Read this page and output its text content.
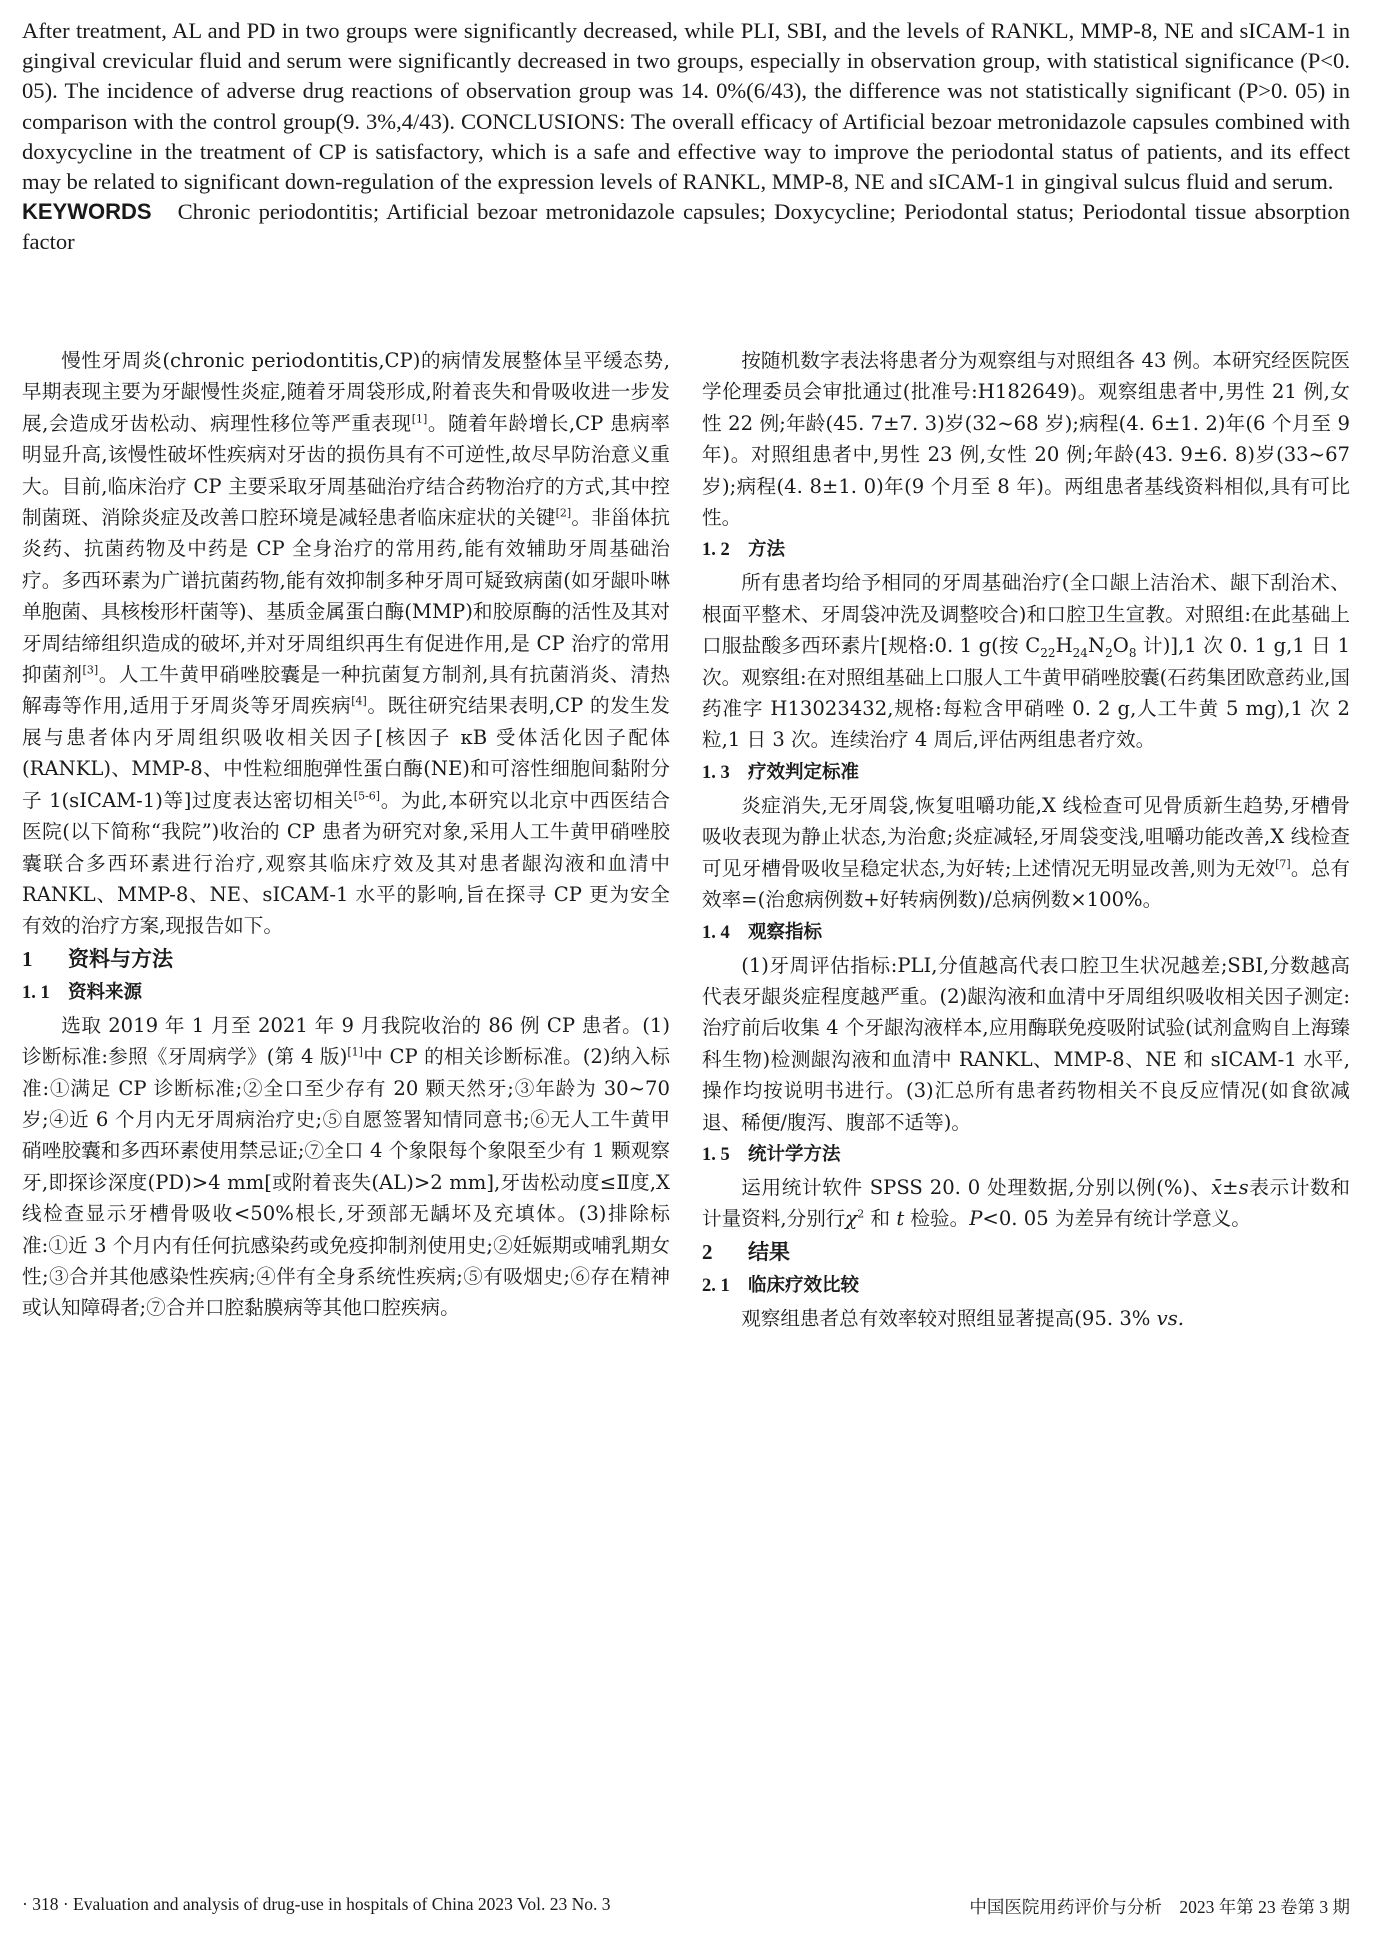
After treatment, AL and PD in two groups were significantly decreased, while PLI, SBI, and the levels of RANKL, MMP-8, NE and sICAM-1 in gingival crevicular fluid and serum were significantly decreased in two groups, especially in observation group, with statistical significance (P<0. 05). The incidence of adverse drug reactions of observation group was 14. 0%(6/43), the difference was not statistically significant (P>0. 05) in comparison with the control group(9. 3%,4/43). CONCLUSIONS: The overall efficacy of Artificial bezoar metronidazole capsules combined with doxycycline in the treatment of CP is satisfactory, which is a safe and effective way to improve the periodontal status of patients, and its effect may be related to significant down-regulation of the expression levels of RANKL, MMP-8, NE and sICAM-1 in gingival sulcus fluid and serum.

KEYWORDS Chronic periodontitis; Artificial bezoar metronidazole capsules; Doxycycline; Periodontal status; Periodontal tissue absorption factor

慢性牙周炎(chronic periodontitis,CP)的病情发展整体呈平缓态势,早期表现主要为牙龈慢性炎症,随着牙周袋形成,附着丧失和骨吸收进一步发展,会造成牙齿松动、病理性移位等严重表现[1]。随着年龄增长,CP 患病率明显升高,该慢性破坏性疾病对牙齿的损伤具有不可逆性,故尽早防治意义重大。目前,临床治疗 CP 主要采取牙周基础治疗结合药物治疗的方式,其中控制菌斑、消除炎症及改善口腔环境是减轻患者临床症状的关键[2]。非甾体抗炎药、抗菌药物及中药是 CP 全身治疗的常用药,能有效辅助牙周基础治疗。多西环素为广谱抗菌药物,能有效抑制多种牙周可疑致病菌(如牙龈卟啉单胞菌、具核梭形杆菌等)、基质金属蛋白酶(MMP)和胶原酶的活性及其对牙周结缔组织造成的破坏,并对牙周组织再生有促进作用,是 CP 治疗的常用抑菌剂[3]。人工牛黄甲硝唑胶囊是一种抗菌复方制剂,具有抗菌消炎、清热解毒等作用,适用于牙周炎等牙周疾病[4]。既往研究结果表明,CP 的发生发展与患者体内牙周组织吸收相关因子[核因子 κB 受体活化因子配体(RANKL)、MMP-8、中性粒细胞弹性蛋白酶(NE)和可溶性细胞间黏附分子 1(sICAM-1)等]过度表达密切相关[5-6]。为此,本研究以北京中西医结合医院(以下简称“我院”)收治的 CP 患者为研究对象,采用人工牛黄甲硝唑胶囊联合多西环素进行治疗,观察其临床疗效及其对患者龈沟液和血清中 RANKL、MMP-8、NE、sICAM-1 水平的影响,旨在探寻 CP 更为安全有效的治疗方案,现报告如下。

1 资料与方法
1. 1 资料来源

选取 2019 年 1 月至 2021 年 9 月我院收治的 86 例 CP 患者。(1)诊断标准:参照《牙周病学》(第 4 版)[1]中 CP 的相关诊断标准。(2)纳入标准:①满足 CP 诊断标准;②全口至少存有 20 颗天然牙;③年龄为 30~70 岁;④近 6 个月内无牙周病治疗史;⑤自愿签署知情同意书;⑥无人工牛黄甲硝唑胶囊和多西环素使用禁忌证;⑦全口 4 个象限每个象限至少有 1 颗观察牙,即探诊深度(PD)>4 mm[或附着丧失(AL)>2 mm],牙齿松动度≤Ⅱ度,X 线检查显示牙槽骨吸收<50%根长,牙颈部无龋坏及充填体。(3)排除标准:①近 3 个月内有任何抗感染药或免疫抑制剂使用史;②妊娠期或哺乳期女性;③合并其他感染性疾病;④伴有全身系统性疾病;⑤有吸烟史;⑥存在精神或认知障碍者;⑦合并口腔黏膜病等其他口腔疾病。

按随机数字表法将患者分为观察组与对照组各 43 例。本研究经医院医学伦理委员会审批通过(批准号:H182649)。观察组患者中,男性 21 例,女性 22 例;年龄(45. 7±7. 3)岁(32~68 岁);病程(4. 6±1. 2)年(6 个月至 9 年)。对照组患者中,男性 23 例,女性 20 例;年龄(43. 9±6. 8)岁(33~67 岁);病程(4. 8±1. 0)年(9 个月至 8 年)。两组患者基线资料相似,具有可比性。

1. 2 方法

所有患者均给予相同的牙周基础治疗(全口龈上洁治术、龈下刮治术、根面平整术、牙周袋冲洗及调整咬合)和口腔卫生宣教。对照组:在此基础上口服盐酸多西环素片[规格:0. 1 g(按 $C_{22}H_{24}N_2O_8$ 计)],1 次 0. 1 g,1 日 1 次。观察组:在对照组基础上口服人工牛黄甲硝唑胶囊(石药集团欧意药业,国药准字 H13023432,规格:每粒含甲硝唑 0. 2 g,人工牛黄 5 mg),1 次 2 粒,1 日 3 次。连续治疗 4 周后,评估两组患者疗效。

1. 3 疗效判定标准

炎症消失,无牙周袋,恢复咀嚼功能,X 线检查可见骨质新生趋势,牙槽骨吸收表现为静止状态,为治愈;炎症减轻,牙周袋变浅,咀嚼功能改善,X 线检查可见牙槽骨吸收呈稳定状态,为好转;上述情况无明显改善,则为无效[7]。总有效率=(治愈病例数+好转病例数)/总病例数×100%。

1. 4 观察指标

(1)牙周评估指标:PLI,分值越高代表口腔卫生状况越差;SBI,分数越高代表牙龈炎症程度越严重。(2)龈沟液和血清中牙周组织吸收相关因子测定:治疗前后收集 4 个牙龈沟液样本,应用酶联免疫吸附试验(试剂盒购自上海臻科生物)检测龈沟液和血清中 RANKL、MMP-8、NE 和 sICAM-1 水平,操作均按说明书进行。(3)汇总所有患者药物相关不良反应情况(如食欲减退、稀便/腹泻、腹部不适等)。

1. 5 统计学方法

运用统计软件 SPSS 20. 0 处理数据,分别以例(%)、x̄±s表示计数和计量资料,分别行$\chi^2$ 和 t 检验。P<0. 05 为差异有统计学意义。

2 结果
2. 1 临床疗效比较

观察组患者总有效率较对照组显著提高(95. 3% vs.

· 318 · Evaluation and analysis of drug-use in hospitals of China 2023 Vol. 23 No. 3	中国医院用药评价与分析　2023 年第 23 卷第 3 期
